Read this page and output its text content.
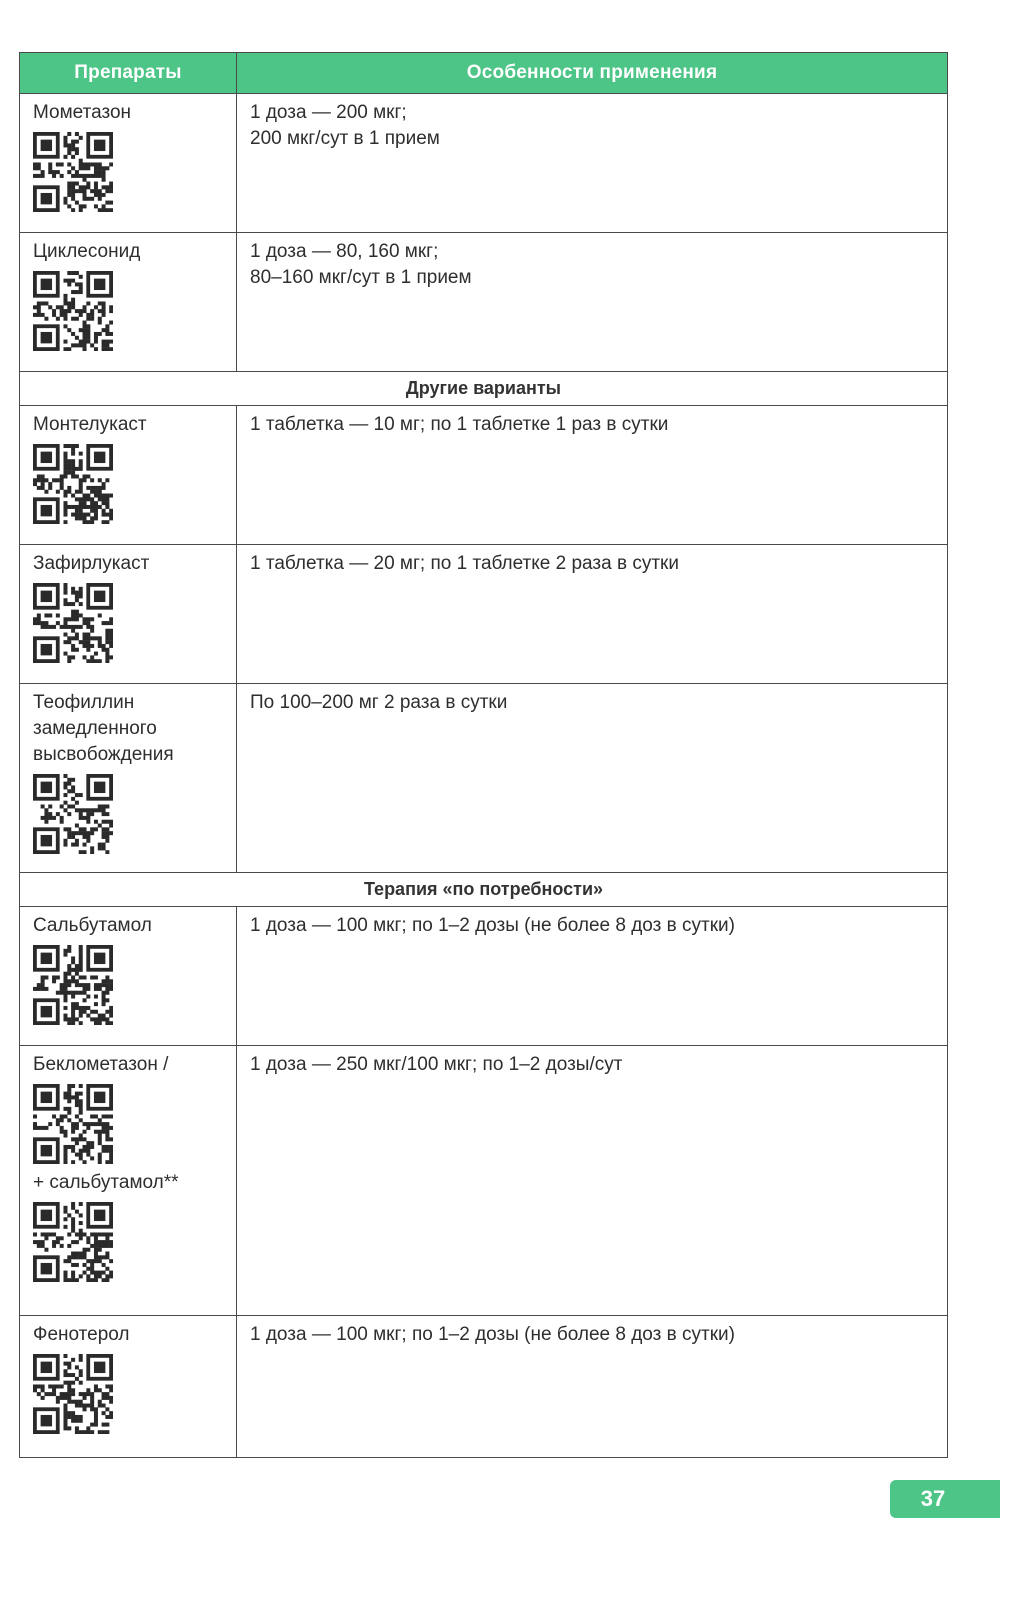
Препараты	Особенности применения

Мометазон	1 доза — 200 мкг;
200 мкг/сут в 1 прием

Циклесонид	1 доза — 80, 160 мкг;
80–160 мкг/сут в 1 прием

Другие варианты	

Монтелукаст	1 таблетка — 10 мг; по 1 таблетке 1 раз в сутки

Зафирлукаст	1 таблетка — 20 мг; по 1 таблетке 2 раза в сутки

Теофиллин замедленного высвобождения	По 100–200 мг 2 раза в сутки

Терапия «по потребности»	

Сальбутамол	1 доза — 100 мкг; по 1–2 дозы (не более 8 доз в сутки)

Беклометазон /
+ сальбутамол**	1 доза — 250 мкг/100 мкг; по 1–2 дозы/сут

Фенотерол	1 доза — 100 мкг; по 1–2 дозы (не более 8 доз в сутки)
37
